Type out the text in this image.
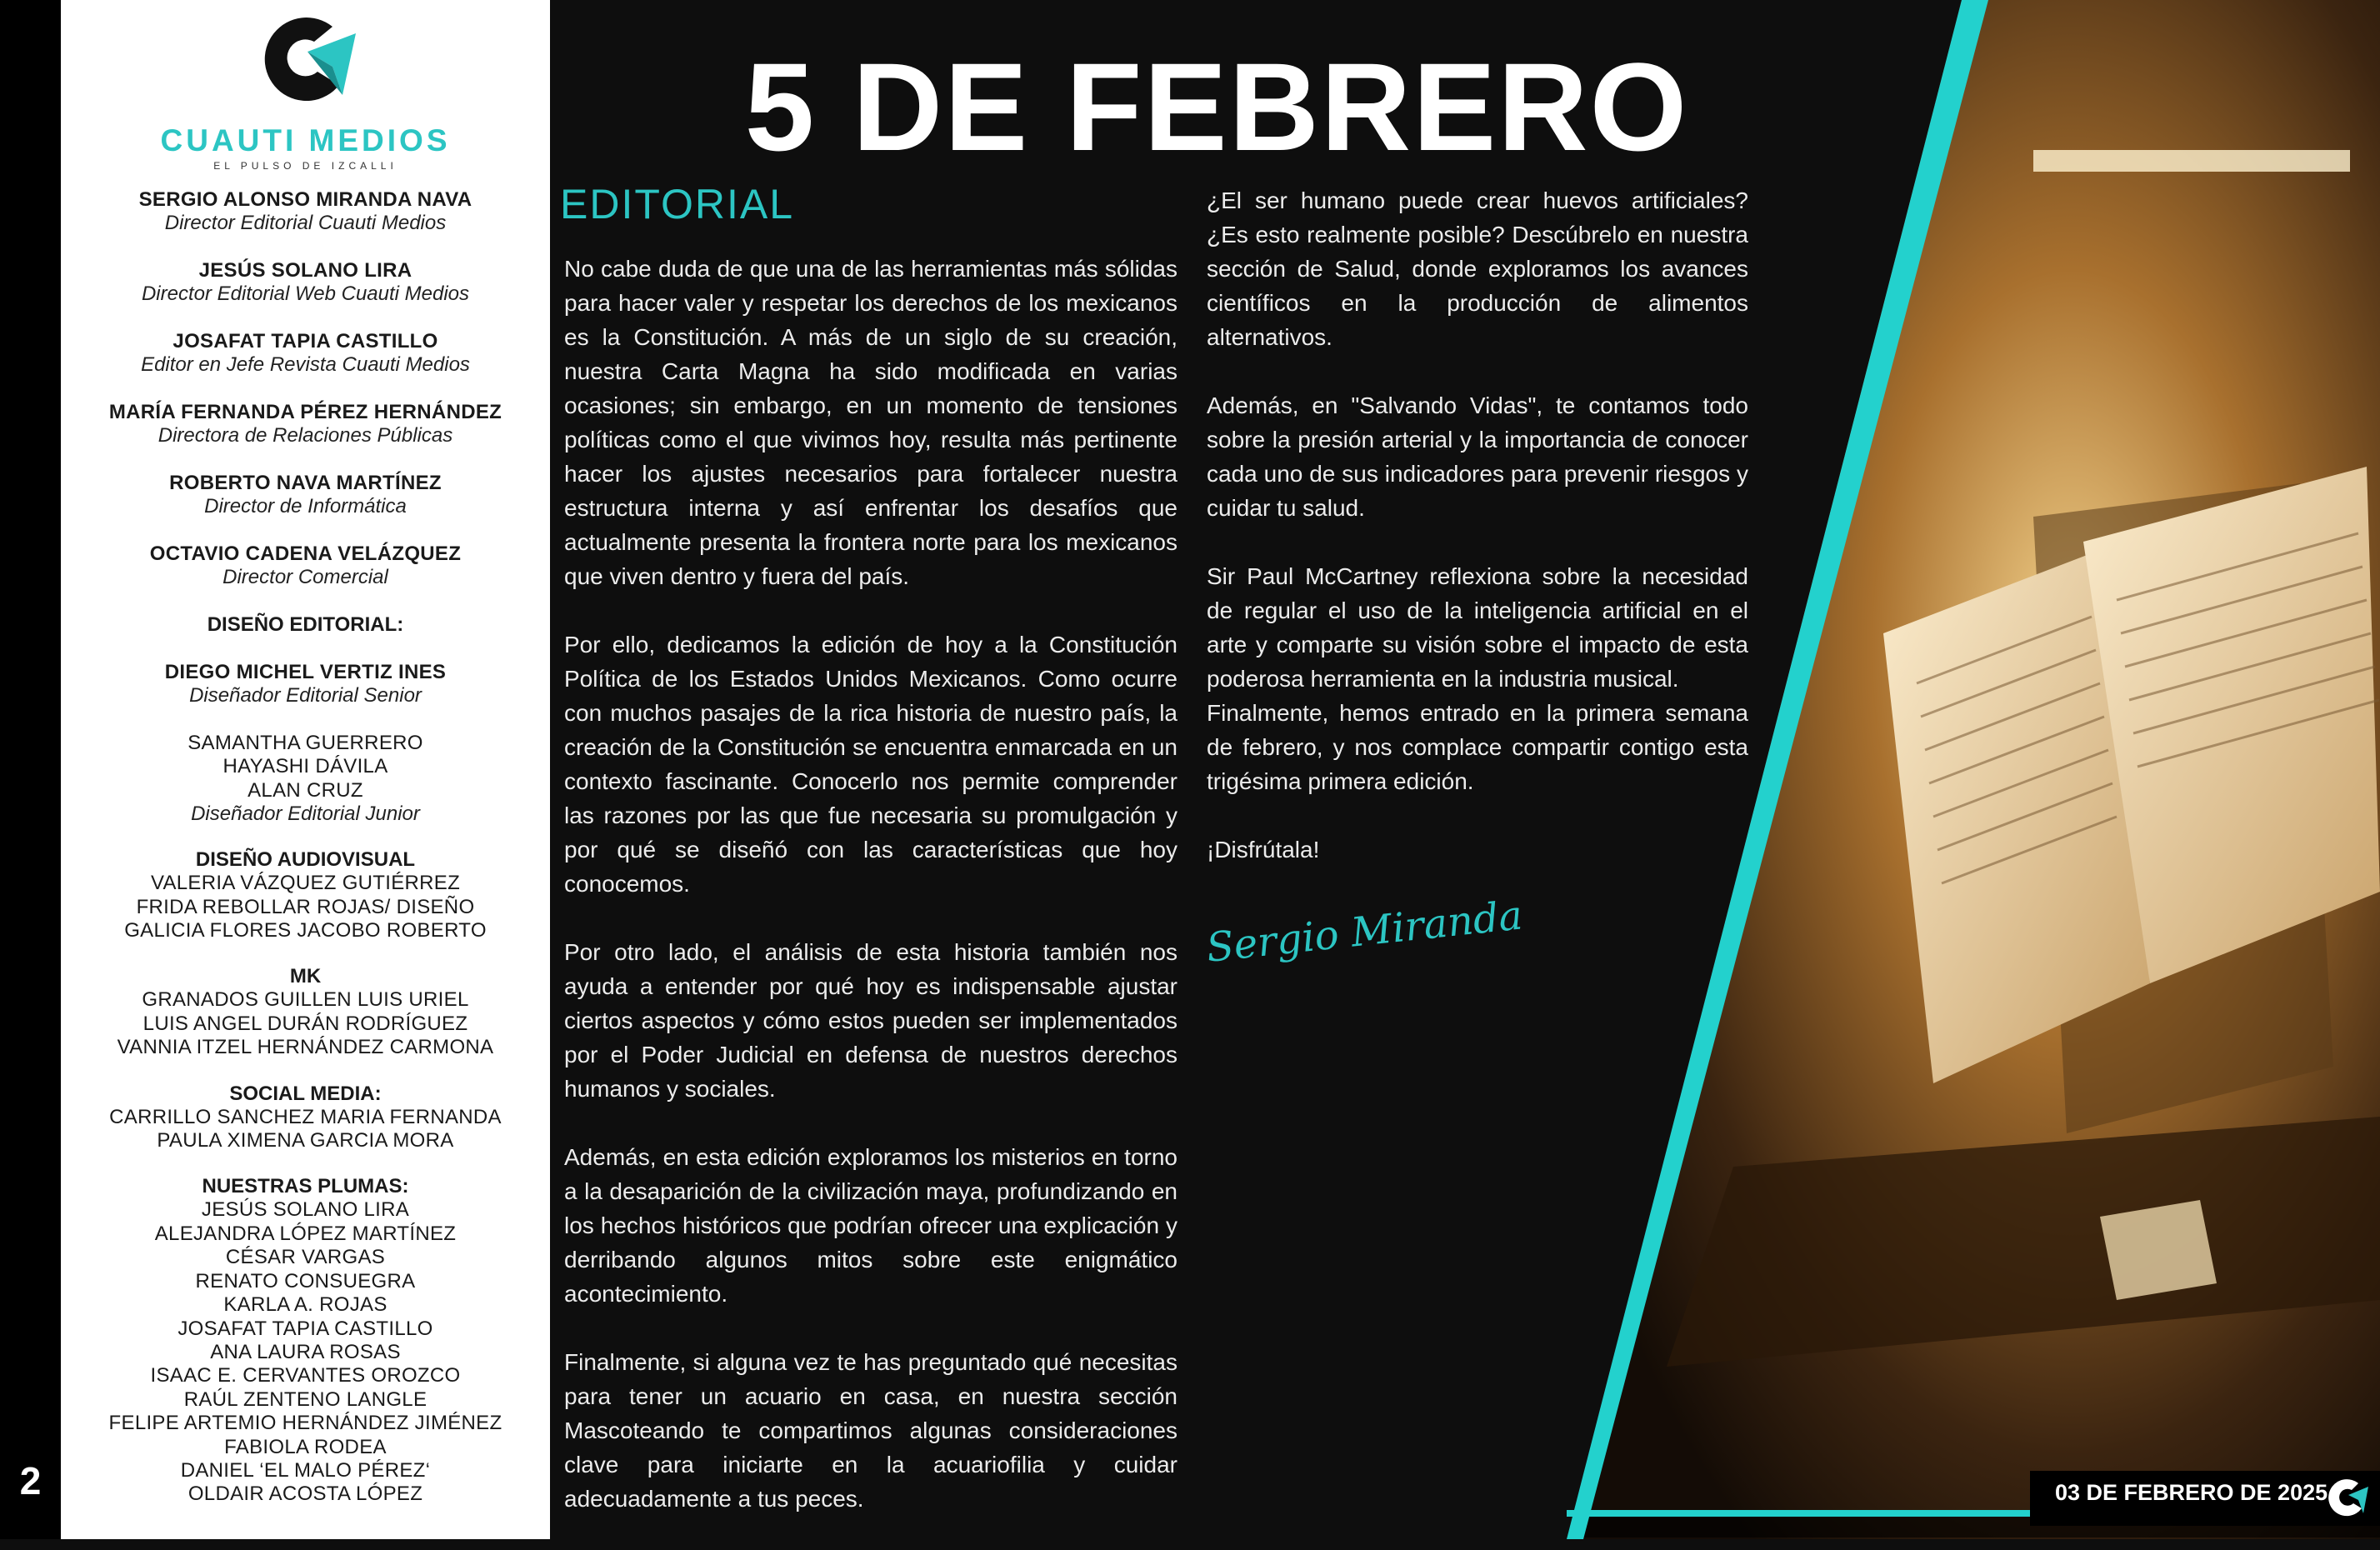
2
CUAUTI MEDIOS
EL PULSO DE IZCALLI
SERGIO ALONSO MIRANDA NAVA
Director Editorial Cuauti Medios
JESÚS SOLANO LIRA
Director Editorial Web Cuauti Medios
JOSAFAT TAPIA CASTILLO
Editor en Jefe Revista Cuauti Medios
MARÍA FERNANDA PÉREZ HERNÁNDEZ
Directora de Relaciones Públicas
ROBERTO NAVA MARTÍNEZ
Director de Informática
OCTAVIO CADENA VELÁZQUEZ
Director Comercial
DISEÑO EDITORIAL:
DIEGO MICHEL VERTIZ INES
Diseñador Editorial Senior
SAMANTHA GUERRERO
HAYASHI DÁVILA
ALAN CRUZ
Diseñador Editorial Junior
DISEÑO AUDIOVISUAL
VALERIA VÁZQUEZ GUTIÉRREZ
FRIDA REBOLLAR ROJAS/ DISEÑO
GALICIA FLORES JACOBO ROBERTO
MK
GRANADOS GUILLEN LUIS URIEL
LUIS ANGEL DURÁN RODRÍGUEZ
VANNIA ITZEL HERNÁNDEZ CARMONA
SOCIAL MEDIA:
CARRILLO SANCHEZ MARIA FERNANDA
PAULA XIMENA GARCIA MORA
NUESTRAS PLUMAS:
JESÚS SOLANO LIRA
ALEJANDRA LÓPEZ MARTÍNEZ
CÉSAR VARGAS
RENATO CONSUEGRA
KARLA A. ROJAS
JOSAFAT TAPIA CASTILLO
ANA LAURA ROSAS
ISAAC E. CERVANTES OROZCO
RAÚL ZENTENO LANGLE
FELIPE ARTEMIO HERNÁNDEZ JIMÉNEZ
FABIOLA RODEA
DANIEL ‘EL MALO PÉREZ‘
OLDAIR ACOSTA LÓPEZ
5 DE FEBRERO
EDITORIAL

No cabe duda de que una de las herramientas más sólidas para hacer valer y respetar los derechos de los mexicanos es la Constitución. A más de un siglo de su creación, nuestra Carta Magna ha sido modificada en varias ocasiones; sin embargo, en un momento de tensiones políticas como el que vivimos hoy, resulta más pertinente hacer los ajustes necesarios para fortalecer nuestra estructura interna y así enfrentar los desafíos que actualmente presenta la frontera norte para los mexicanos que viven dentro y fuera del país.

Por ello, dedicamos la edición de hoy a la Constitución Política de los Estados Unidos Mexicanos. Como ocurre con muchos pasajes de la rica historia de nuestro país, la creación de la Constitución se encuentra enmarcada en un contexto fascinante. Conocerlo nos permite comprender las razones por las que fue necesaria su promulgación y por qué se diseñó con las características que hoy conocemos.

Por otro lado, el análisis de esta historia también nos ayuda a entender por qué hoy es indispensable ajustar ciertos aspectos y cómo estos pueden ser implementados por el Poder Judicial en defensa de nuestros derechos humanos y sociales.

Además, en esta edición exploramos los misterios en torno a la desaparición de la civilización maya, profundizando en los hechos históricos que podrían ofrecer una explicación y derribando algunos mitos sobre este enigmático acontecimiento.

Finalmente, si alguna vez te has preguntado qué necesitas para tener un acuario en casa, en nuestra sección Mascoteando te compartimos algunas consideraciones clave para iniciarte en la acuariofilia y cuidar adecuadamente a tus peces.

¿El ser humano puede crear huevos artificiales? ¿Es esto realmente posible? Descúbrelo en nuestra sección de Salud, donde exploramos los avances científicos en la producción de alimentos alternativos.

Además, en "Salvando Vidas", te contamos todo sobre la presión arterial y la importancia de conocer cada uno de sus indicadores para prevenir riesgos y cuidar tu salud.

Sir Paul McCartney reflexiona sobre la necesidad de regular el uso de la inteligencia artificial en el arte y comparte su visión sobre el impacto de esta poderosa herramienta en la industria musical.

Finalmente, hemos entrado en la primera semana de febrero, y nos complace compartir contigo esta trigésima primera edición.

¡Disfrútala!

Sergio Miranda
03 DE FEBRERO DE 2025
